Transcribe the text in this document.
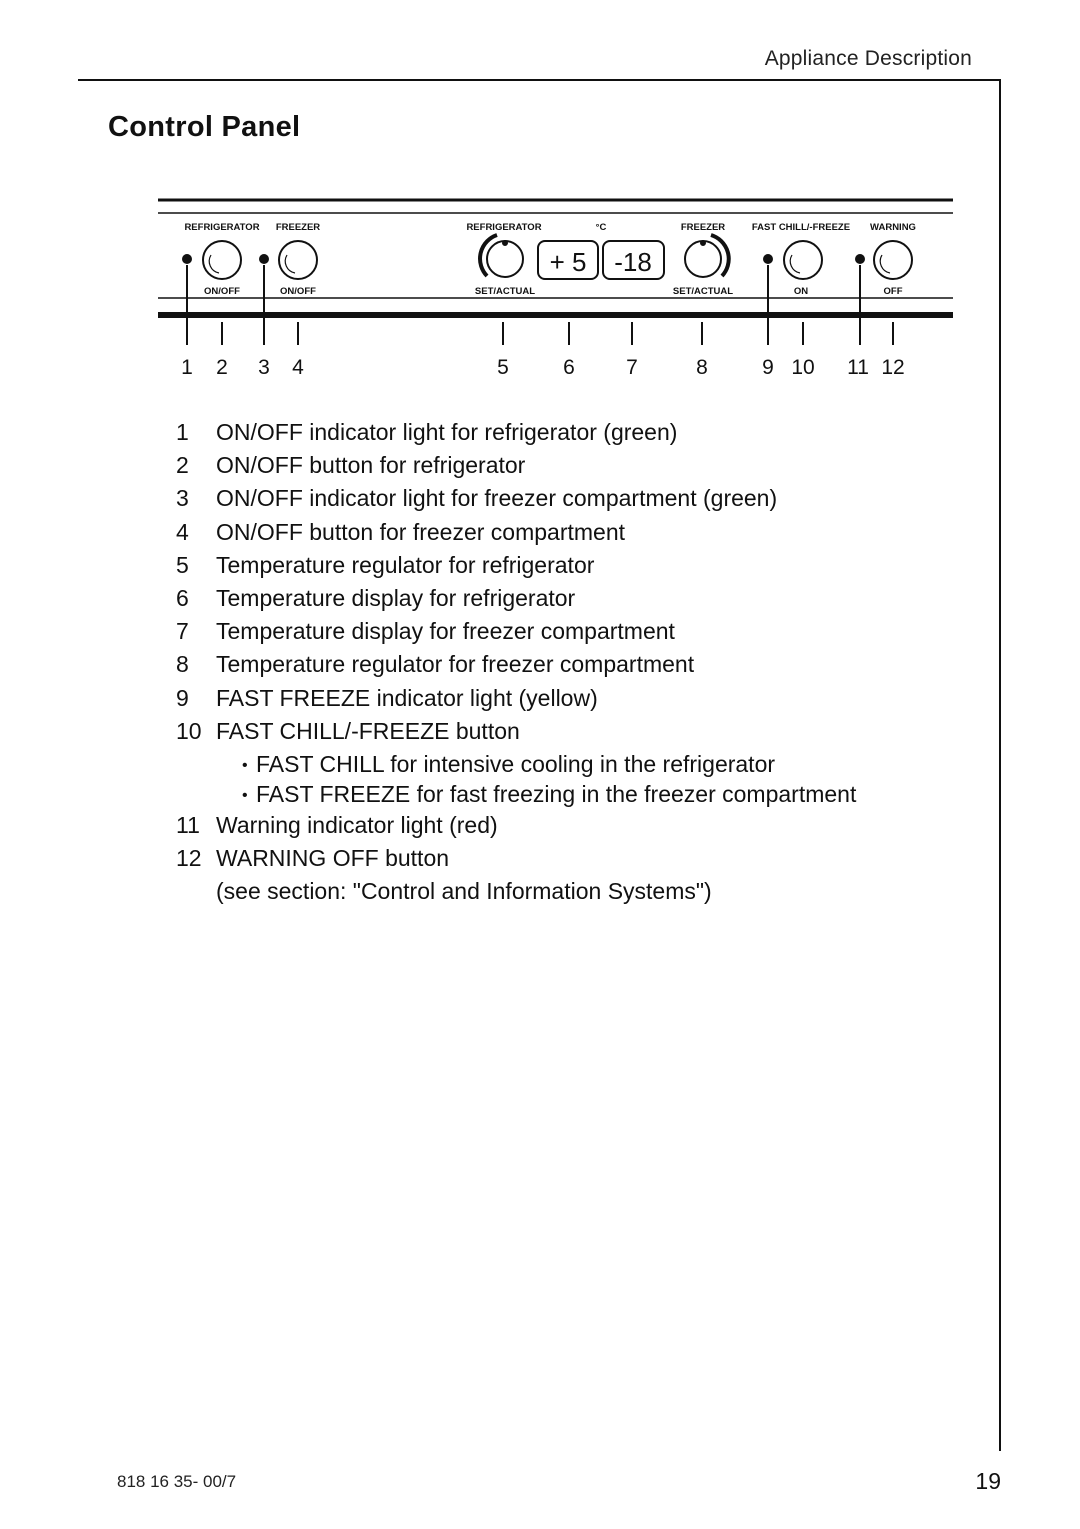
Appliance Description
Control Panel
REFRIGERATOR FREEZER	REFRIGERATOR	°C	FREEZER	FAST CHILL/-FREEZE WARNING
ON/OFF	ON/OFF	SET/ACTUAL	SET/ACTUAL	ON	OFF
+ 5 -18
1 2 3 4	5	6 7	8	9 10 11 12
1 ON/OFF indicator light for refrigerator (green)
2 ON/OFF button for refrigerator
3 ON/OFF indicator light for freezer compartment (green)
4 ON/OFF button for freezer compartment
5 Temperature regulator for refrigerator
6 Temperature display for refrigerator
7 Temperature display for freezer compartment
8 Temperature regulator for freezer compartment
9 FAST FREEZE indicator light (yellow)
10 FAST CHILL/-FREEZE button
• FAST CHILL for intensive cooling in the refrigerator
• FAST FREEZE for fast freezing in the freezer compartment
11 Warning indicator light (red)
12 WARNING OFF button
(see section: "Control and Information Systems")
818 16 35- 00/7	19
